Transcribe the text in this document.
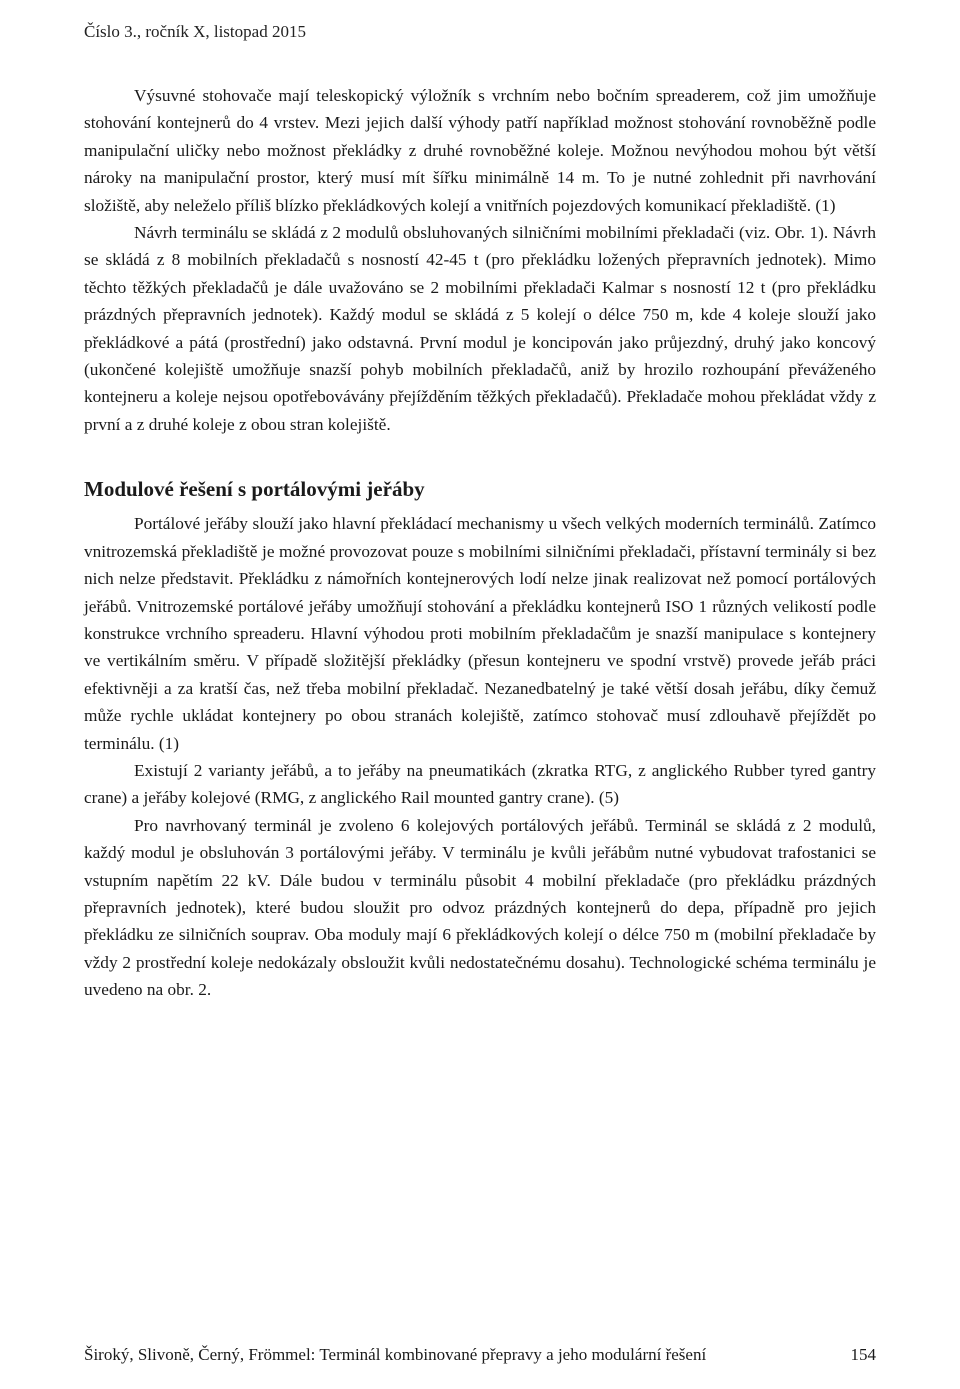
Číslo 3., ročník X, listopad 2015

Výsuvné stohovače mají teleskopický výložník s vrchním nebo bočním spreaderem, což jim umožňuje stohování kontejnerů do 4 vrstev. Mezi jejich další výhody patří například možnost stohování rovnoběžně podle manipulační uličky nebo možnost překládky z druhé rovnoběžné koleje. Možnou nevýhodou mohou být větší nároky na manipulační prostor, který musí mít šířku minimálně 14 m. To je nutné zohlednit při navrhování složiště, aby neleželo příliš blízko překládkových kolejí a vnitřních pojezdových komunikací překladiště. (1)

Návrh terminálu se skládá z 2 modulů obsluhovaných silničními mobilními překladači (viz. Obr. 1). Návrh se skládá z 8 mobilních překladačů s nosností 42-45 t (pro překládku ložených přepravních jednotek). Mimo těchto těžkých překladačů je dále uvažováno se 2 mobilními překladači Kalmar s nosností 12 t (pro překládku prázdných přepravních jednotek). Každý modul se skládá z 5 kolejí o délce 750 m, kde 4 koleje slouží jako překládkové a pátá (prostřední) jako odstavná. První modul je koncipován jako průjezdný, druhý jako koncový (ukončené kolejiště umožňuje snazší pohyb mobilních překladačů, aniž by hrozilo rozhoupání převáženého kontejneru a koleje nejsou opotřebovávány přejížděním těžkých překladačů). Překladače mohou překládat vždy z první a z druhé koleje z obou stran kolejiště.

Modulové řešení s portálovými jeřáby

Portálové jeřáby slouží jako hlavní překládací mechanismy u všech velkých moderních terminálů. Zatímco vnitrozemská překladiště je možné provozovat pouze s mobilními silničními překladači, přístavní terminály si bez nich nelze představit. Překládku z námořních kontejnerových lodí nelze jinak realizovat než pomocí portálových jeřábů. Vnitrozemské portálové jeřáby umožňují stohování a překládku kontejnerů ISO 1 různých velikostí podle konstrukce vrchního spreaderu. Hlavní výhodou proti mobilním překladačům je snazší manipulace s kontejnery ve vertikálním směru. V případě složitější překládky (přesun kontejneru ve spodní vrstvě) provede jeřáb práci efektivněji a za kratší čas, než třeba mobilní překladač. Nezanedbatelný je také větší dosah jeřábu, díky čemuž může rychle ukládat kontejnery po obou stranách kolejiště, zatímco stohovač musí zdlouhavě přejíždět po terminálu. (1)

Existují 2 varianty jeřábů, a to jeřáby na pneumatikách (zkratka RTG, z anglického Rubber tyred gantry crane) a jeřáby kolejové (RMG, z anglického Rail mounted gantry crane). (5)

Pro navrhovaný terminál je zvoleno 6 kolejových portálových jeřábů. Terminál se skládá z 2 modulů, každý modul je obsluhován 3 portálovými jeřáby. V terminálu je kvůli jeřábům nutné vybudovat trafostanici se vstupním napětím 22 kV. Dále budou v terminálu působit 4 mobilní překladače (pro překládku prázdných přepravních jednotek), které budou sloužit pro odvoz prázdných kontejnerů do depa, případně pro jejich překládku ze silničních souprav. Oba moduly mají 6 překládkových kolejí o délce 750 m (mobilní překladače by vždy 2 prostřední koleje nedokázaly obsloužit kvůli nedostatečnému dosahu). Technologické schéma terminálu je uvedeno na obr. 2.

Široký, Slivoně, Černý, Frömmel: Terminál kombinované přepravy a jeho modulární řešení	154
